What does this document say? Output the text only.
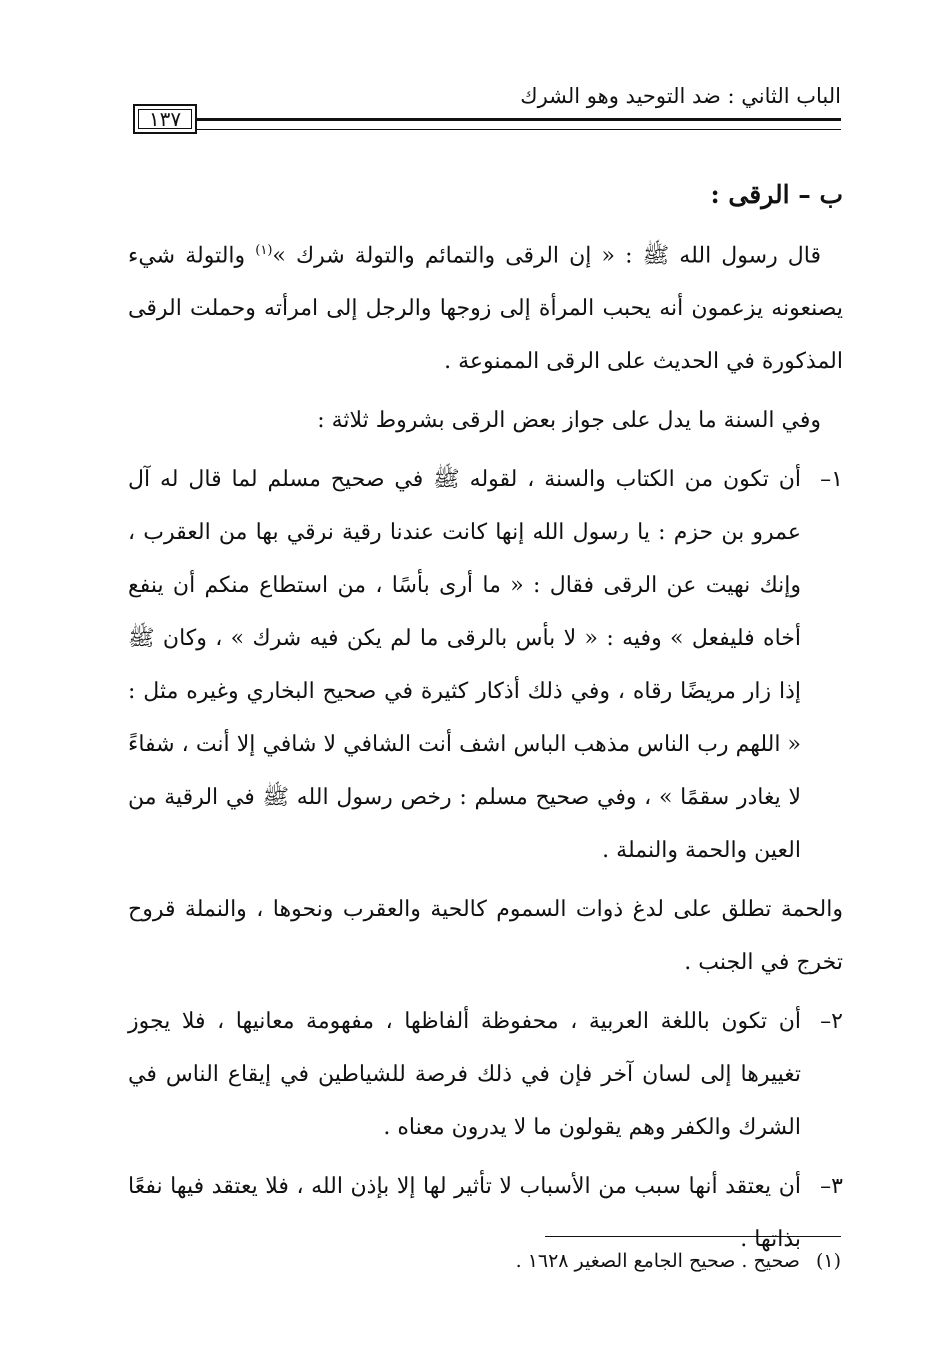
الباب الثاني : ضد التوحيد وهو الشرك
١٣٧
ب – الرقى :

قال رسول الله ﷺ : « إن الرقى والتمائم والتولة شرك »$^{(١)}$ والتولة شيء يصنعونه يزعمون أنه يحبب المرأة إلى زوجها والرجل إلى امرأته وحملت الرقى المذكورة في الحديث على الرقى الممنوعة .

وفي السنة ما يدل على جواز بعض الرقى بشروط ثلاثة :

١–
أن تكون من الكتاب والسنة ، لقوله ﷺ في صحيح مسلم لما قال له آل عمرو بن حزم : يا رسول الله إنها كانت عندنا رقية نرقي بها من العقرب ، وإنك نهيت عن الرقى فقال : « ما أرى بأسًا ، من استطاع منكم أن ينفع أخاه فليفعل » وفيه : « لا بأس بالرقى ما لم يكن فيه شرك » ، وكان ﷺ إذا زار مريضًا رقاه ، وفي ذلك أذكار كثيرة في صحيح البخاري وغيره مثل : « اللهم رب الناس مذهب الباس اشف أنت الشافي لا شافي إلا أنت ، شفاءً لا يغادر سقمًا » ، وفي صحيح مسلم : رخص رسول الله ﷺ في الرقية من العين والحمة والنملة .

والحمة تطلق على لدغ ذوات السموم كالحية والعقرب ونحوها ، والنملة قروح تخرج في الجنب .

٢–
أن تكون باللغة العربية ، محفوظة ألفاظها ، مفهومة معانيها ، فلا يجوز تغييرها إلى لسان آخر فإن في ذلك فرصة للشياطين في إيقاع الناس في الشرك والكفر وهم يقولون ما لا يدرون معناه .
٣–
أن يعتقد أنها سبب من الأسباب لا تأثير لها إلا بإذن الله ، فلا يعتقد فيها نفعًا بذاتها .
(١) صحيح . صحيح الجامع الصغير ١٦٢٨ .
